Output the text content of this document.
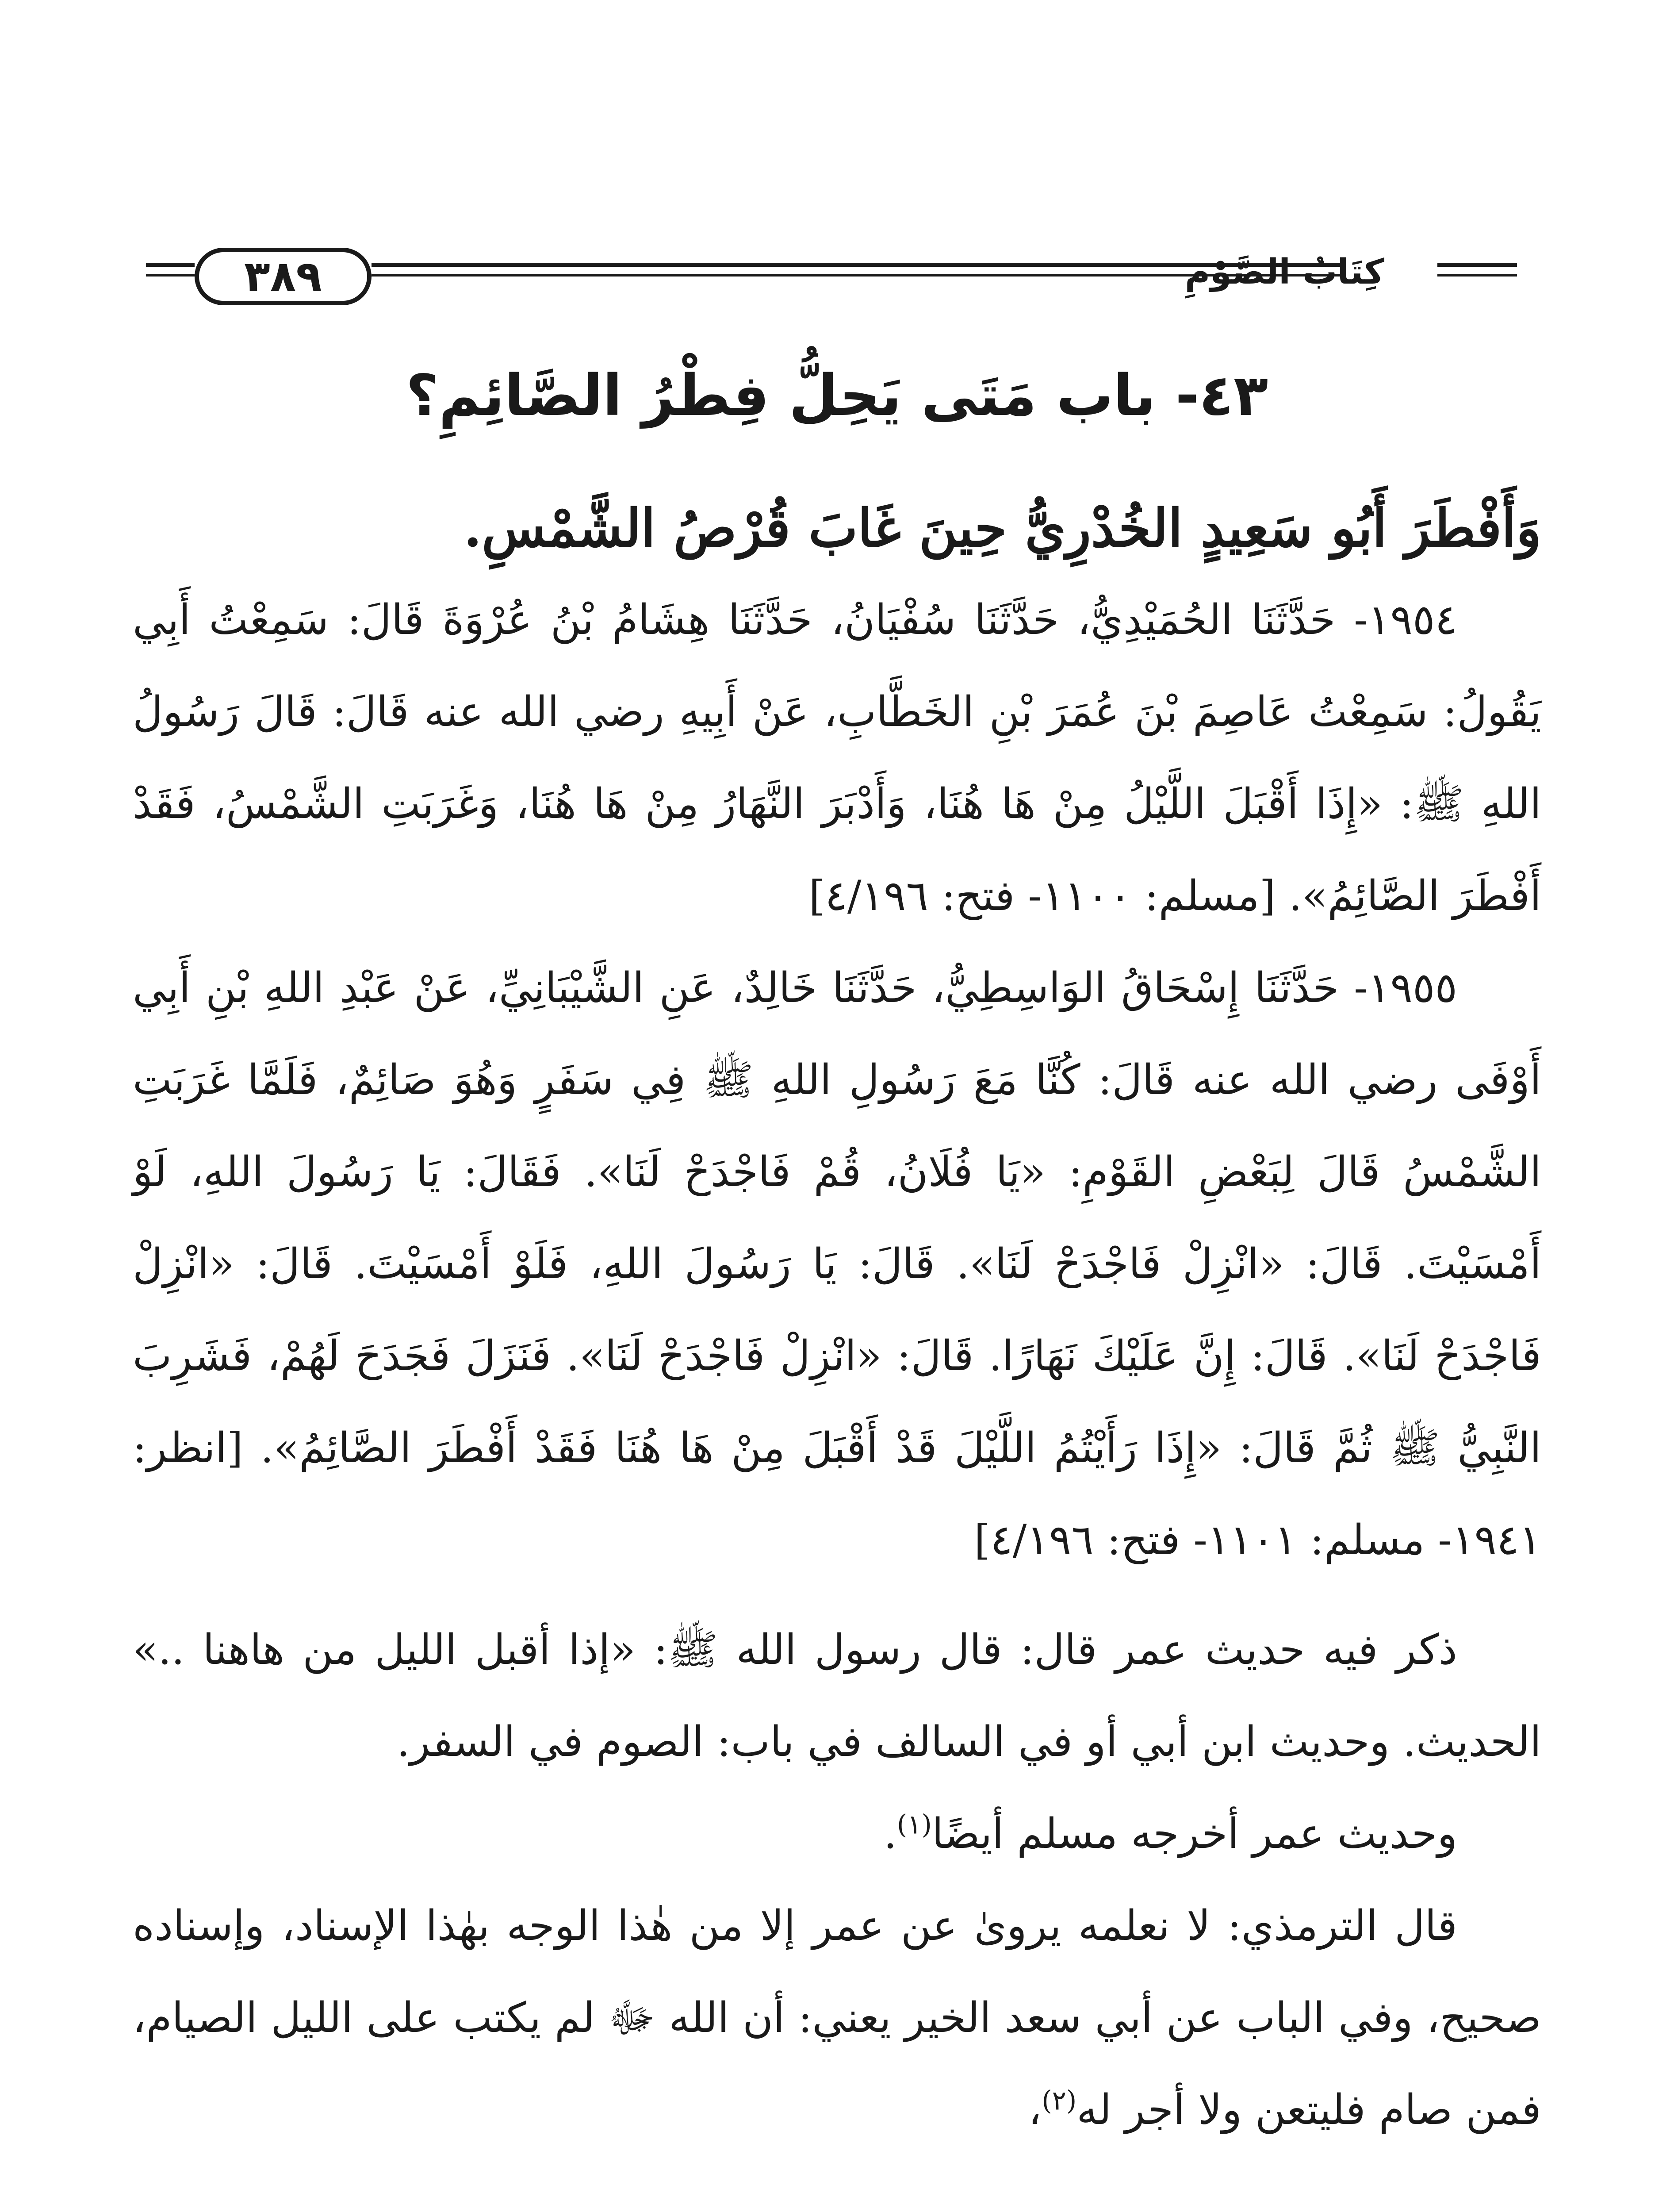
٣٨٩	كِتَابُ الصَّوْمِ
٤٣- باب مَتَى يَحِلُّ فِطْرُ الصَّائِمِ؟

وَأَفْطَرَ أَبُو سَعِيدٍ الخُدْرِيُّ حِينَ غَابَ قُرْصُ الشَّمْسِ.

١٩٥٤- حَدَّثَنَا الحُمَيْدِيُّ، حَدَّثَنَا سُفْيَانُ، حَدَّثَنَا هِشَامُ بْنُ عُرْوَةَ قَالَ: سَمِعْتُ أَبِي يَقُولُ: سَمِعْتُ عَاصِمَ بْنَ عُمَرَ بْنِ الخَطَّابِ، عَنْ أَبِيهِ رضي الله عنه قَالَ: قَالَ رَسُولُ اللهِ ﷺ: «إِذَا أَقْبَلَ اللَّيْلُ مِنْ هَا هُنَا، وَأَدْبَرَ النَّهَارُ مِنْ هَا هُنَا، وَغَرَبَتِ الشَّمْسُ، فَقَدْ أَفْطَرَ الصَّائِمُ». [مسلم: ١١٠٠- فتح: ٤/١٩٦]

١٩٥٥- حَدَّثَنَا إِسْحَاقُ الوَاسِطِيُّ، حَدَّثَنَا خَالِدٌ، عَنِ الشَّيْبَانِيِّ، عَنْ عَبْدِ اللهِ بْنِ أَبِي أَوْفَى رضي الله عنه قَالَ: كُنَّا مَعَ رَسُولِ اللهِ ﷺ فِي سَفَرٍ وَهُوَ صَائِمٌ، فَلَمَّا غَرَبَتِ الشَّمْسُ قَالَ لِبَعْضِ القَوْمِ: «يَا فُلَانُ، قُمْ فَاجْدَحْ لَنَا». فَقَالَ: يَا رَسُولَ اللهِ، لَوْ أَمْسَيْتَ. قَالَ: «انْزِلْ فَاجْدَحْ لَنَا». قَالَ: يَا رَسُولَ اللهِ، فَلَوْ أَمْسَيْتَ. قَالَ: «انْزِلْ فَاجْدَحْ لَنَا». قَالَ: إِنَّ عَلَيْكَ نَهَارًا. قَالَ: «انْزِلْ فَاجْدَحْ لَنَا». فَنَزَلَ فَجَدَحَ لَهُمْ، فَشَرِبَ النَّبِيُّ ﷺ ثُمَّ قَالَ: «إِذَا رَأَيْتُمُ اللَّيْلَ قَدْ أَقْبَلَ مِنْ هَا هُنَا فَقَدْ أَفْطَرَ الصَّائِمُ». [انظر: ١٩٤١- مسلم: ١١٠١- فتح: ٤/١٩٦]

ذكر فيه حديث عمر قال: قال رسول الله ﷺ: «إذا أقبل الليل من هاهنا ..» الحديث. وحديث ابن أبي أو في السالف في باب: الصوم في السفر.

وحديث عمر أخرجه مسلم أيضًا$^{(١)}$.

قال الترمذي: لا نعلمه يروىٰ عن عمر إلا من هٰذا الوجه بهٰذا الإسناد، وإسناده صحيح، وفي الباب عن أبي سعد الخير يعني: أن الله ﷻ لم يكتب على الليل الصيام، فمن صام فليتعن ولا أجر له$^{(٢)}$،
